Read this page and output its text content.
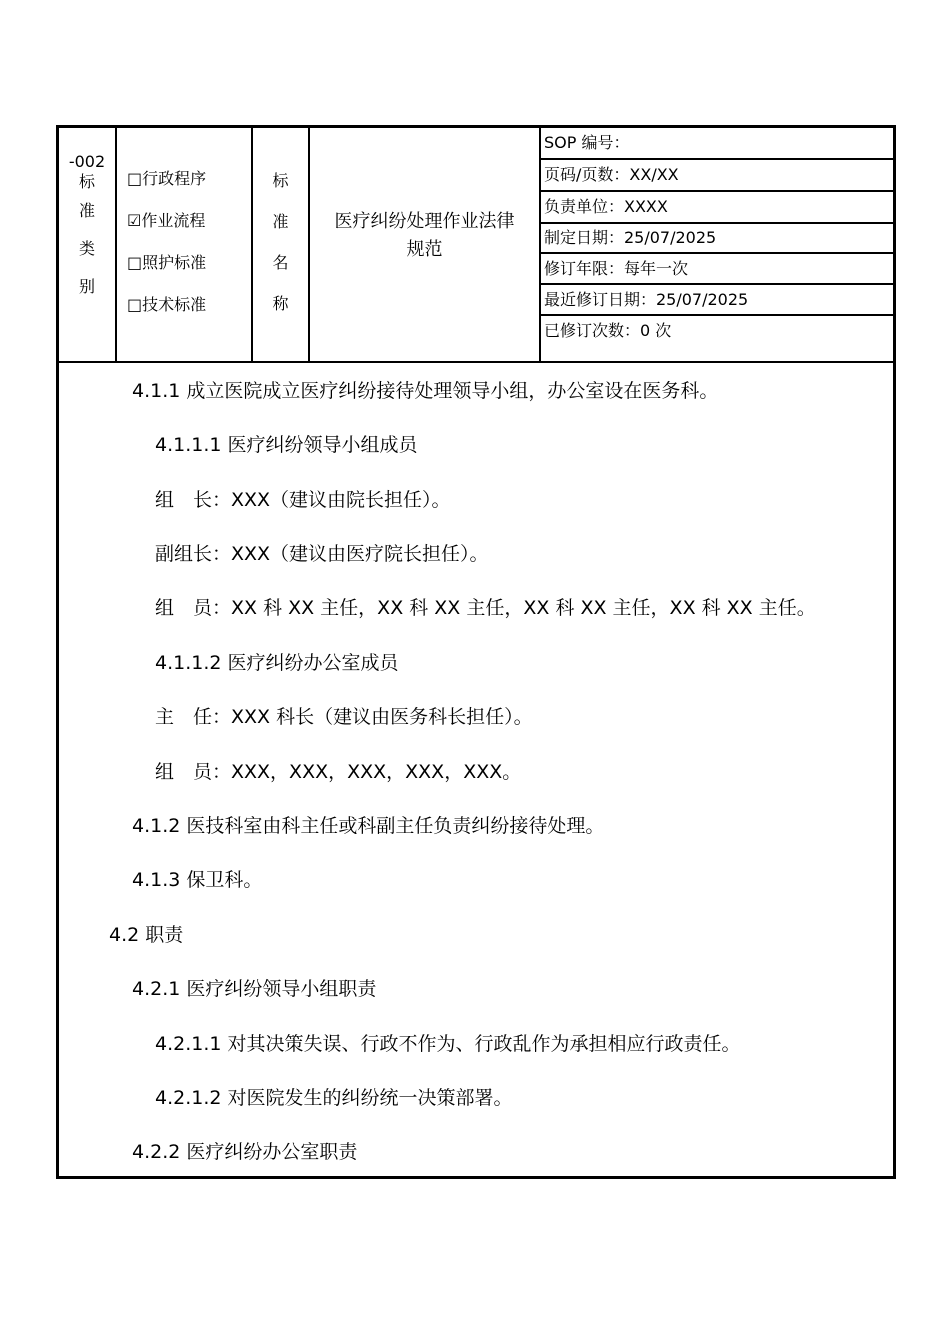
-002
标
准
类
别
□行政程序
☑作业流程
□照护标准
□技术标准
标
准
名
称
医疗纠纷处理作业法律
规范
SOP 编号：
页码/页数：XX/XX
负责单位：XXXX
制定日期：25/07/2025
修订年限：每年一次
最近修订日期：25/07/2025
已修订次数：0 次
4.1.1 成立医院成立医疗纠纷接待处理领导小组，办公室设在医务科。
4.1.1.1 医疗纠纷领导小组成员
组　长：XXX（建议由院长担任）。
副组长：XXX（建议由医疗院长担任）。
组　员：XX 科 XX 主任，XX 科 XX 主任，XX 科 XX 主任，XX 科 XX 主任。
4.1.1.2 医疗纠纷办公室成员
主　任：XXX 科长（建议由医务科长担任）。
组　员：XXX，XXX，XXX，XXX，XXX。
4.1.2 医技科室由科主任或科副主任负责纠纷接待处理。
4.1.3 保卫科。
4.2 职责
4.2.1 医疗纠纷领导小组职责
4.2.1.1 对其决策失误、行政不作为、行政乱作为承担相应行政责任。
4.2.1.2 对医院发生的纠纷统一决策部署。
4.2.2 医疗纠纷办公室职责
